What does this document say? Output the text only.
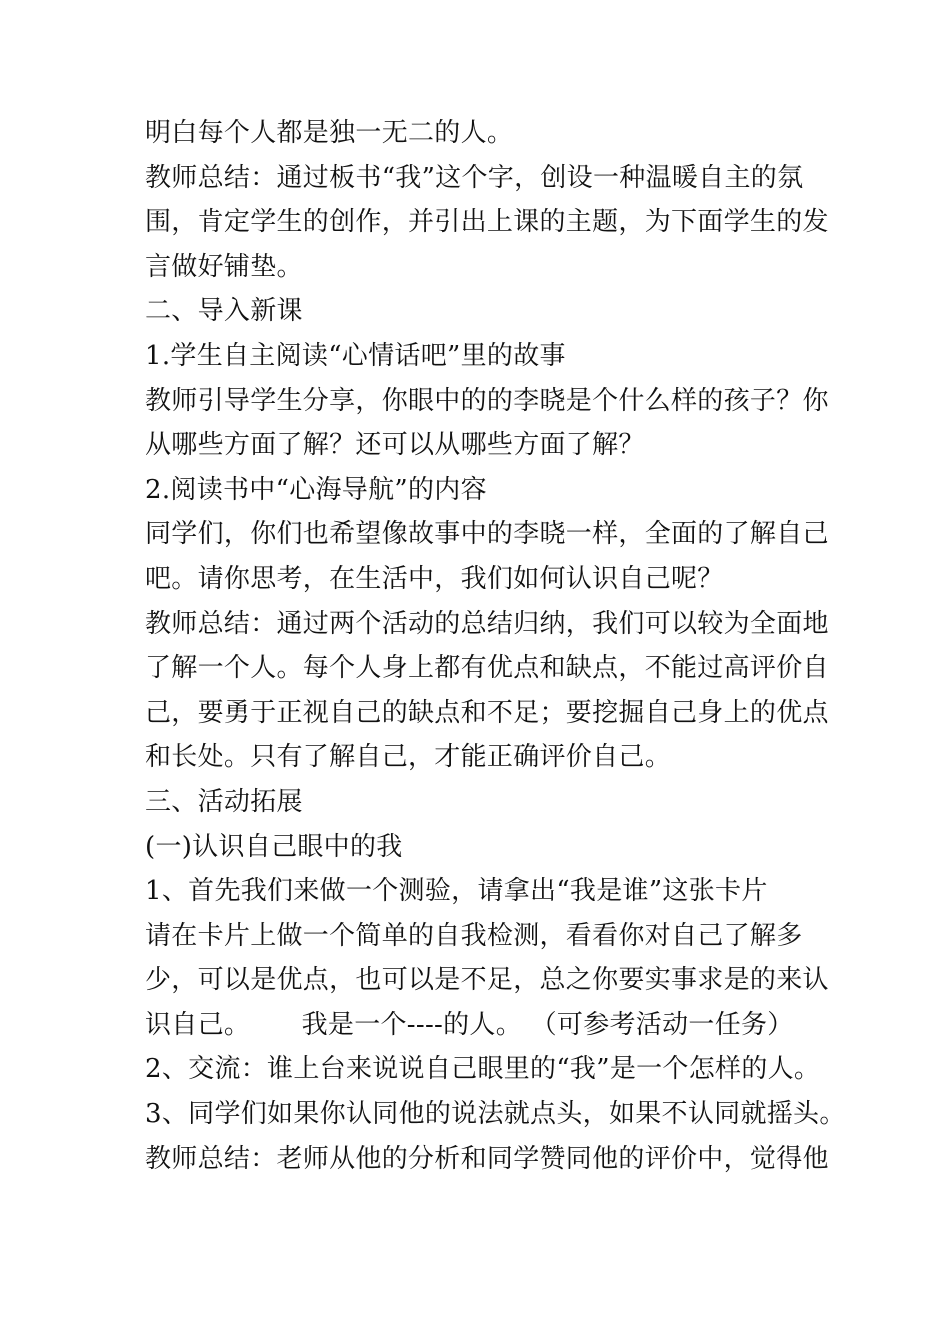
明白每个人都是独一无二的人。
教师总结：通过板书“我”这个字，创设一种温暖自主的氛
围，肯定学生的创作，并引出上课的主题，为下面学生的发
言做好铺垫。
二、导入新课
1.学生自主阅读“心情话吧”里的故事
教师引导学生分享，你眼中的的李晓是个什么样的孩子？你
从哪些方面了解？还可以从哪些方面了解？
2.阅读书中“心海导航”的内容
同学们，你们也希望像故事中的李晓一样，全面的了解自己
吧。请你思考，在生活中，我们如何认识自己呢？
教师总结：通过两个活动的总结归纳，我们可以较为全面地
了解一个人。每个人身上都有优点和缺点，不能过高评价自
己，要勇于正视自己的缺点和不足；要挖掘自己身上的优点
和长处。只有了解自己，才能正确评价自己。
三、活动拓展
(一)认识自己眼中的我
1、首先我们来做一个测验，请拿出“我是谁”这张卡片
请在卡片上做一个简单的自我检测，看看你对自己了解多
少，可以是优点，也可以是不足，总之你要实事求是的来认
识自己。      我是一个----的人。 （可参考活动一任务）
2、交流：谁上台来说说自己眼里的“我”是一个怎样的人。
3、同学们如果你认同他的说法就点头，如果不认同就摇头。
教师总结：老师从他的分析和同学赞同他的评价中，觉得他
